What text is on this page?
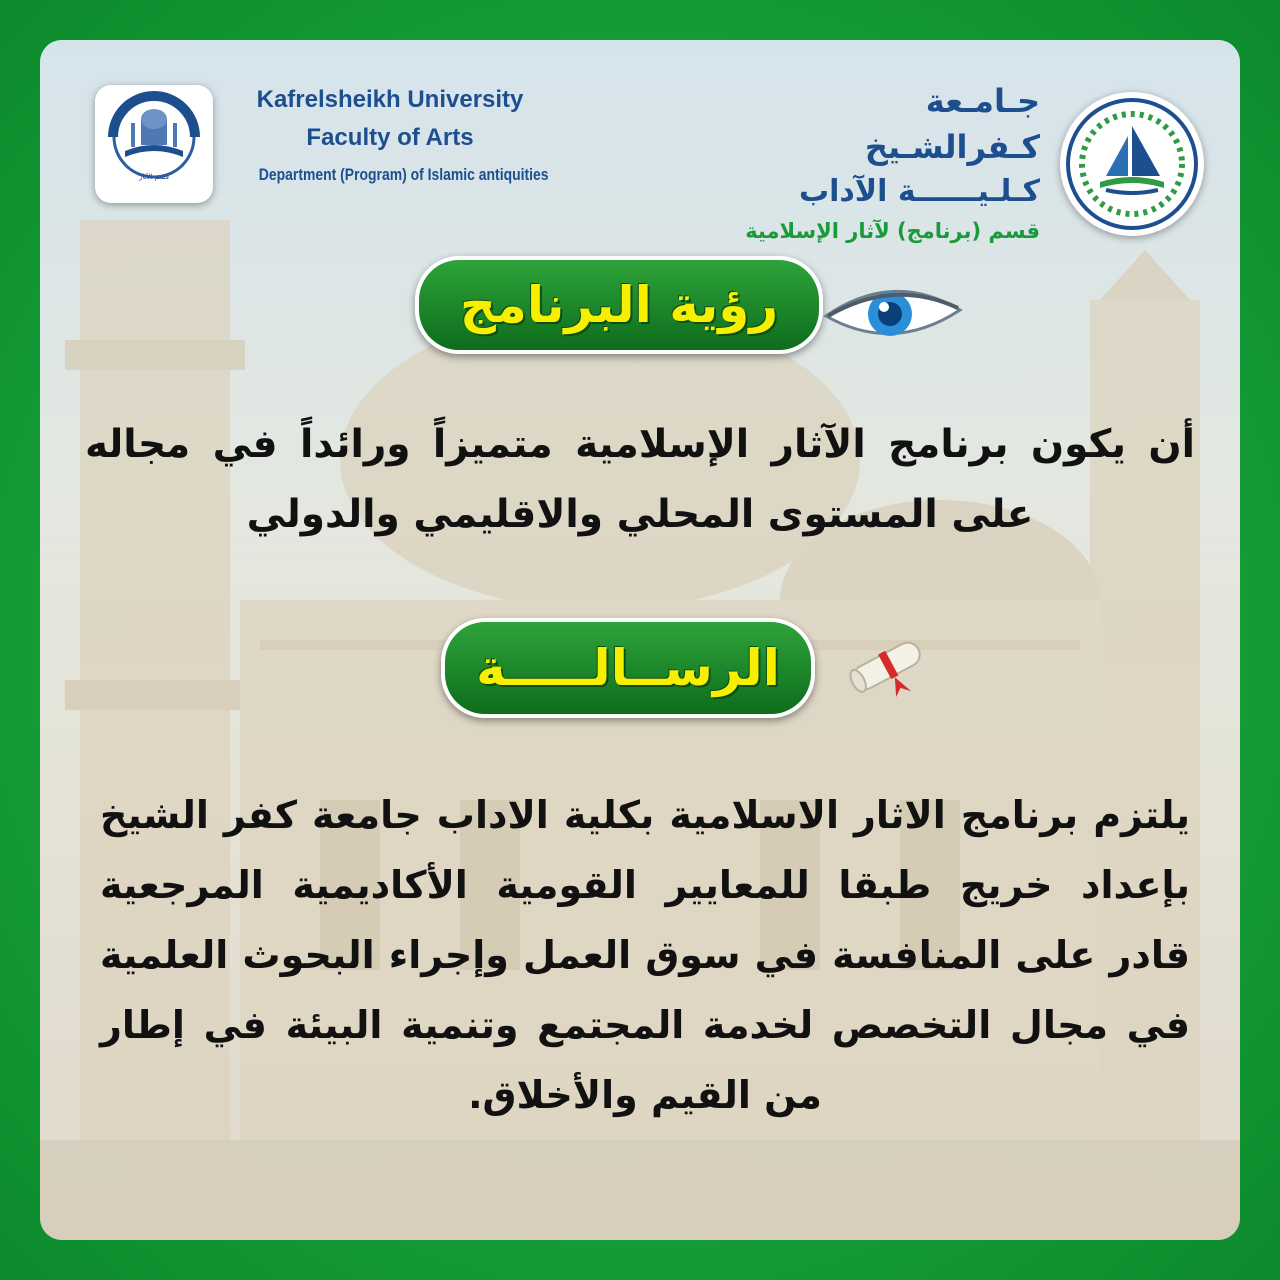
قسم الآثار
Kafrelsheikh University
Faculty of Arts
Department (Program) of Islamic antiquities
جـامـعة كـفرالشـيخ
كـلـيــــــة الآداب
قسم (برنامج) لآثار الإسلامية
رؤية البرنامج
أن يكون برنامج الآثار الإسلامية متميزاً ورائداً في مجاله على المستوى المحلي والاقليمي والدولي
الرســالـــــة
يلتزم برنامج الاثار الاسلامية بكلية الاداب جامعة كفر الشيخ بإعداد خريج طبقا للمعايير القومية الأكاديمية المرجعية قادر على المنافسة في سوق العمل وإجراء البحوث العلمية في مجال التخصص لخدمة المجتمع وتنمية البيئة في إطار من القيم والأخلاق.
